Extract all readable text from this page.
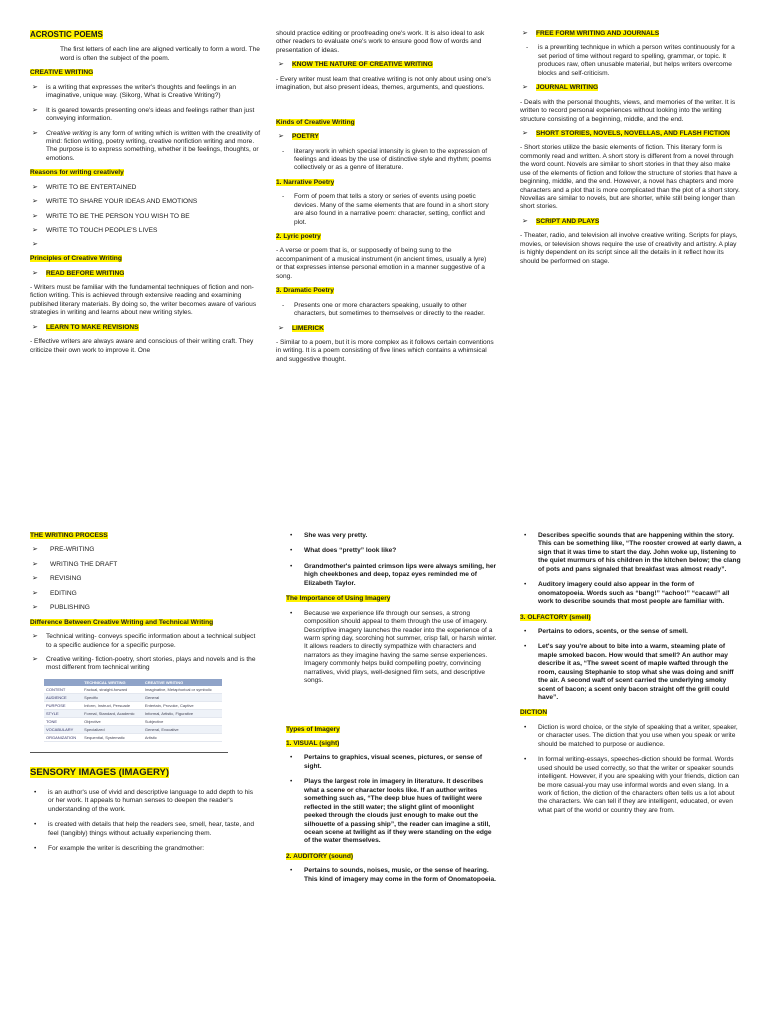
ACROSTIC POEMS

The first letters of each line are aligned vertically to form a word. The word is often the subject of the poem.

CREATIVE WRITING
➢	is a writing that expresses the writer's thoughts and feelings in an imaginative, unique way. (Sikorg, What is Creative Writing?)
➢	It is geared towards presenting one's ideas and feelings rather than just conveying information.
➢	Creative writing is any form of writing which is written with the creativity of mind: fiction writing, poetry writing, creative nonfiction writing and more. The purpose is to express something, whether it be feelings, thoughts, or emotions.
Reasons for writing creatively
➢	WRITE TO BE ENTERTAINED
➢	WRITE TO SHARE YOUR IDEAS AND EMOTIONS
➢	WRITE TO BE THE PERSON YOU WISH TO BE
➢	WRITE TO TOUCH PEOPLE'S LIVES
➢
Principles of Creative Writing
➢	READ BEFORE WRITING

- Writers must be familiar with the fundamental techniques of fiction and non-fiction writing. This is achieved through extensive reading and examining published literary materials. By doing so, the writer becomes aware of various strategies in writing and learns about new writing styles.

➢	LEARN TO MAKE REVISIONS

- Effective writers are always aware and conscious of their writing craft. They criticize their own work to improve it. One

should practice editing or proofreading one's work. It is also ideal to ask other readers to evaluate one's work to ensure good flow of words and presentation of ideas.

➢	KNOW THE NATURE OF CREATIVE WRITING

- Every writer must learn that creative writing is not only about using one's imagination, but also present ideas, themes, arguments, and questions.

Kinds of Creative Writing
➢	POETRY
-	literary work in which special intensity is given to the expression of feelings and ideas by the use of distinctive style and rhythm; poems collectively or as a genre of literature.
1. Narrative Poetry
-	Form of poem that tells a story or series of events using poetic devices. Many of the same elements that are found in a short story are also found in a narrative poem: character, setting, conflict and plot.
2. Lyric poetry

- A verse or poem that is, or supposedly of being sung to the accompaniment of a musical instrument (in ancient times, usually a lyre) or that expresses intense personal emotion in a manner suggestive of a song.

3. Dramatic Poetry
-	Presents one or more characters speaking, usually to other characters, but sometimes to themselves or directly to the reader.
➢	LIMERICK

- Similar to a poem, but it is more complex as it follows certain conventions in writing. It is a poem consisting of five lines which contains a whimsical and suggestive thought.

➢	FREE FORM WRITING AND JOURNALS
-	is a prewriting technique in which a person writes continuously for a set period of time without regard to spelling, grammar, or topic. It produces raw, often unusable material, but helps writers overcome blocks and self-criticism.
➢	JOURNAL WRITING

- Deals with the personal thoughts, views, and memories of the writer. It is written to record personal experiences without looking into the writing structure consisting of a beginning, middle, and the end.

➢	SHORT STORIES, NOVELS, NOVELLAS, AND FLASH FICTION

- Short stories utilize the basic elements of fiction. This literary form is commonly read and written. A short story is different from a novel through the word count. Novels are similar to short stories in that they also make use of the elements of fiction and follow the structure of stories that have a beginning, middle, and the end. However, a novel has chapters and more characters and a plot that is more complicated than the plot of a short story. Novellas are similar to novels, but are shorter, while still being longer than short stories.

➢	SCRIPT AND PLAYS

- Theater, radio, and television all involve creative writing. Scripts for plays, movies, or television shows require the use of creativity and artistry. A play is highly dependent on its script since all the details in it reflect how its should be performed on stage.

THE WRITING PROCESS
➢	PRE-WRITING
➢	WRITING THE DRAFT
➢	REVISING
➢	EDITING
➢	PUBLISHING
Difference Between Creative Writing and Technical Writing
➢	Technical writing- conveys specific information about a technical subject to a specific audience for a specific purpose.
➢	Creative writing- fiction-poetry, short stories, plays and novels and is the most different from technical writing
	TECHNICAL WRITING	CREATIVE WRITING
CONTENT	Factual, straight-forward	Imaginative, Metaphorical or symbolic
AUDIENCE	Specific	General
PURPOSE	Inform, Instruct, Persuade	Entertain, Provoke, Captive
STYLE	Formal, Standard, Academic	Informal, Artistic, Figurative
TONE	Objective	Subjective
VOCABULARY	Specialized	General, Evocative
ORGANIZATION	Sequential, Systematic	Artistic
SENSORY IMAGES (IMAGERY)
•	is an author's use of vivid and descriptive language to add depth to his or her work. It appeals to human senses to deepen the reader's understanding of the work.
•	is created with details that help the readers see, smell, hear, taste, and feel (tangibly) things without actually experiencing them.
•	For example the writer is describing the grandmother:
•	She was very pretty.
•	What does “pretty” look like?
•	Grandmother's painted crimson lips were always smiling, her high cheekbones and deep, topaz eyes reminded me of Elizabeth Taylor.
The Importance of Using Imagery
•	Because we experience life through our senses, a strong composition should appeal to them through the use of imagery. Descriptive imagery launches the reader into the experience of a warm spring day, scorching hot summer, crisp fall, or harsh winter. It allows readers to directly sympathize with characters and narrators as they imagine having the same sense experiences. Imagery commonly helps build compelling poetry, convincing narratives, vivid plays, well-designed film sets, and descriptive songs.
Types of Imagery
1. VISUAL (sight)
•	Pertains to graphics, visual scenes, pictures, or sense of sight.
•	Plays the largest role in imagery in literature. It describes what a scene or character looks like. If an author writes something such as, “The deep blue hues of twilight were reflected in the still water; the slight glint of moonlight peeked through the clouds just enough to make out the silhouette of a passing ship”, the reader can imagine a still, ocean scene at twilight as if they were standing on the edge of the water themselves.
2. AUDITORY (sound)
•	Pertains to sounds, noises, music, or the sense of hearing. This kind of imagery may come in the form of Onomatopoeia.
•	Describes specific sounds that are happening within the story. This can be something like, “The rooster crowed at early dawn, a sign that it was time to start the day. John woke up, listening to the quiet murmurs of his children in the kitchen below; the clang of pots and pans signaled that breakfast was almost ready”.
•	Auditory imagery could also appear in the form of onomatopoeia. Words such as “bang!” “achoo!” “cacaw!” all work to describe sounds that most people are familiar with.
3. OLFACTORY (smell)
•	Pertains to odors, scents, or the sense of smell.
•	Let's say you're about to bite into a warm, steaming plate of maple smoked bacon. How would that smell? An author may describe it as, “The sweet scent of maple wafted through the room, causing Stephanie to stop what she was doing and sniff the air. A second waft of scent carried the underlying smoky scent of bacon; a scent only bacon straight off the grill could have”.
DICTION
•	Diction is word choice, or the style of speaking that a writer, speaker, or character uses. The diction that you use when you speak or write should be matched to purpose or audience.
•	In formal writing-essays, speeches-diction should be formal. Words used should be used correctly, so that the writer or speaker sounds intelligent. However, if you are speaking with your friends, diction can be more casual-you may use informal words and even slang. In a work of fiction, the diction of the characters often tells us a lot about the characters. We can tell if they are intelligent, educated, or even what part of the world or country they are from.
